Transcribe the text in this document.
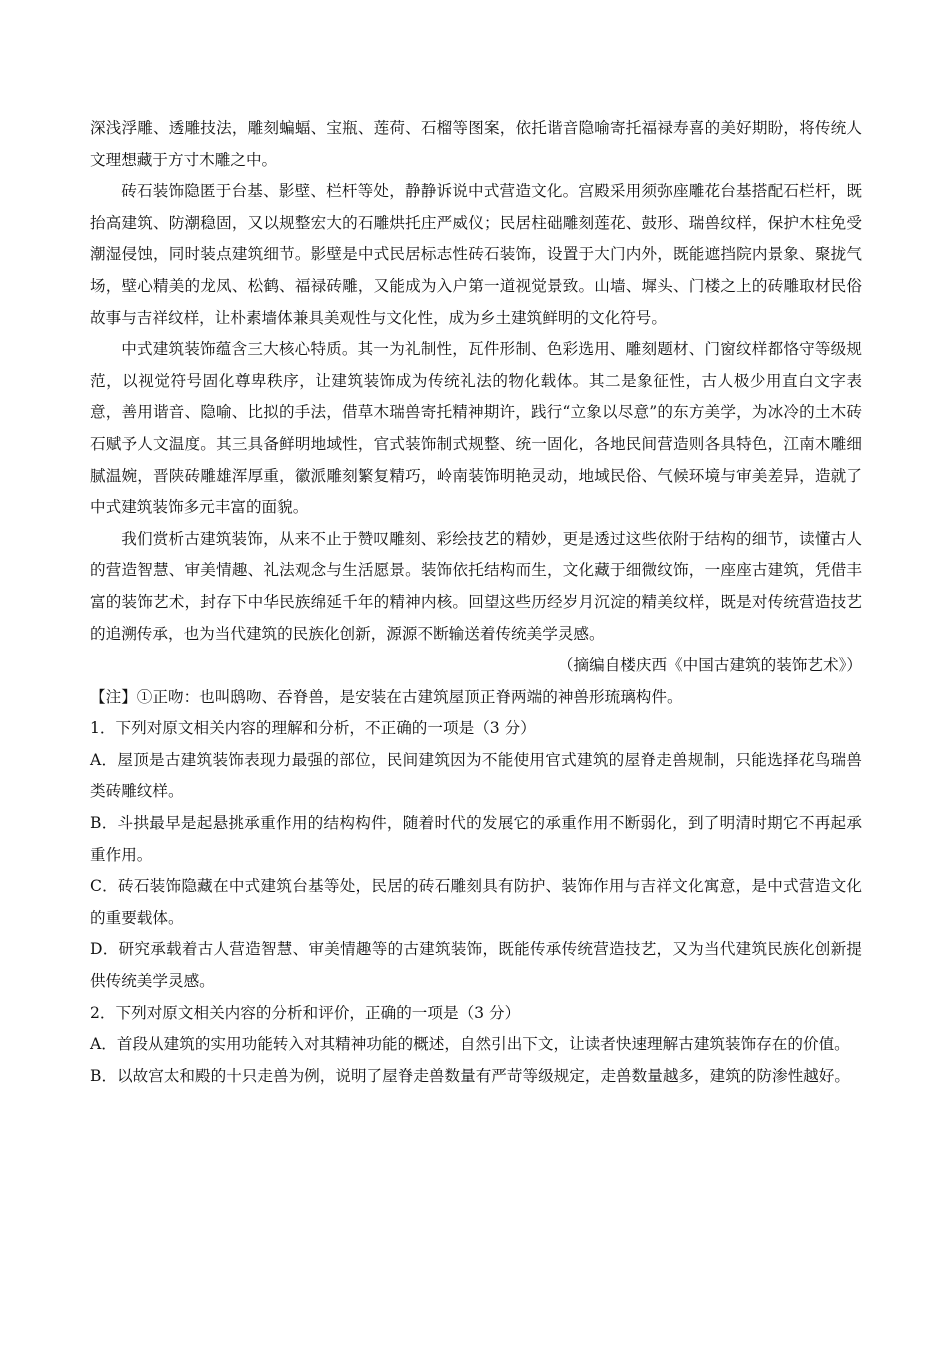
深浅浮雕、透雕技法，雕刻蝙蝠、宝瓶、莲荷、石榴等图案，依托谐音隐喻寄托福禄寿喜的美好期盼，将传统人文理想藏于方寸木雕之中。

砖石装饰隐匿于台基、影壁、栏杆等处，静静诉说中式营造文化。宫殿采用须弥座雕花台基搭配石栏杆，既抬高建筑、防潮稳固，又以规整宏大的石雕烘托庄严威仪；民居柱础雕刻莲花、鼓形、瑞兽纹样，保护木柱免受潮湿侵蚀，同时装点建筑细节。影壁是中式民居标志性砖石装饰，设置于大门内外，既能遮挡院内景象、聚拢气场，壁心精美的龙凤、松鹤、福禄砖雕，又能成为入户第一道视觉景致。山墙、墀头、门楼之上的砖雕取材民俗故事与吉祥纹样，让朴素墙体兼具美观性与文化性，成为乡土建筑鲜明的文化符号。

中式建筑装饰蕴含三大核心特质。其一为礼制性，瓦件形制、色彩选用、雕刻题材、门窗纹样都恪守等级规范，以视觉符号固化尊卑秩序，让建筑装饰成为传统礼法的物化载体。其二是象征性，古人极少用直白文字表意，善用谐音、隐喻、比拟的手法，借草木瑞兽寄托精神期许，践行“立象以尽意”的东方美学，为冰冷的土木砖石赋予人文温度。其三具备鲜明地域性，官式装饰制式规整、统一固化，各地民间营造则各具特色，江南木雕细腻温婉，晋陕砖雕雄浑厚重，徽派雕刻繁复精巧，岭南装饰明艳灵动，地域民俗、气候环境与审美差异，造就了中式建筑装饰多元丰富的面貌。

我们赏析古建筑装饰，从来不止于赞叹雕刻、彩绘技艺的精妙，更是透过这些依附于结构的细节，读懂古人的营造智慧、审美情趣、礼法观念与生活愿景。装饰依托结构而生，文化藏于细微纹饰，一座座古建筑，凭借丰富的装饰艺术，封存下中华民族绵延千年的精神内核。回望这些历经岁月沉淀的精美纹样，既是对传统营造技艺的追溯传承，也为当代建筑的民族化创新，源源不断输送着传统美学灵感。

（摘编自楼庆西《中国古建筑的装饰艺术》）

【注】①正吻：也叫鸱吻、吞脊兽，是安装在古建筑屋顶正脊两端的神兽形琉璃构件。

1．下列对原文相关内容的理解和分析，不正确的一项是（3 分）

A．屋顶是古建筑装饰表现力最强的部位，民间建筑因为不能使用官式建筑的屋脊走兽规制，只能选择花鸟瑞兽类砖雕纹样。

B．斗拱最早是起悬挑承重作用的结构构件，随着时代的发展它的承重作用不断弱化，到了明清时期它不再起承重作用。

C．砖石装饰隐藏在中式建筑台基等处，民居的砖石雕刻具有防护、装饰作用与吉祥文化寓意，是中式营造文化的重要载体。

D．研究承载着古人营造智慧、审美情趣等的古建筑装饰，既能传承传统营造技艺，又为当代建筑民族化创新提供传统美学灵感。

2．下列对原文相关内容的分析和评价，正确的一项是（3 分）

A．首段从建筑的实用功能转入对其精神功能的概述，自然引出下文，让读者快速理解古建筑装饰存在的价值。

B．以故宫太和殿的十只走兽为例，说明了屋脊走兽数量有严苛等级规定，走兽数量越多，建筑的防渗性越好。
